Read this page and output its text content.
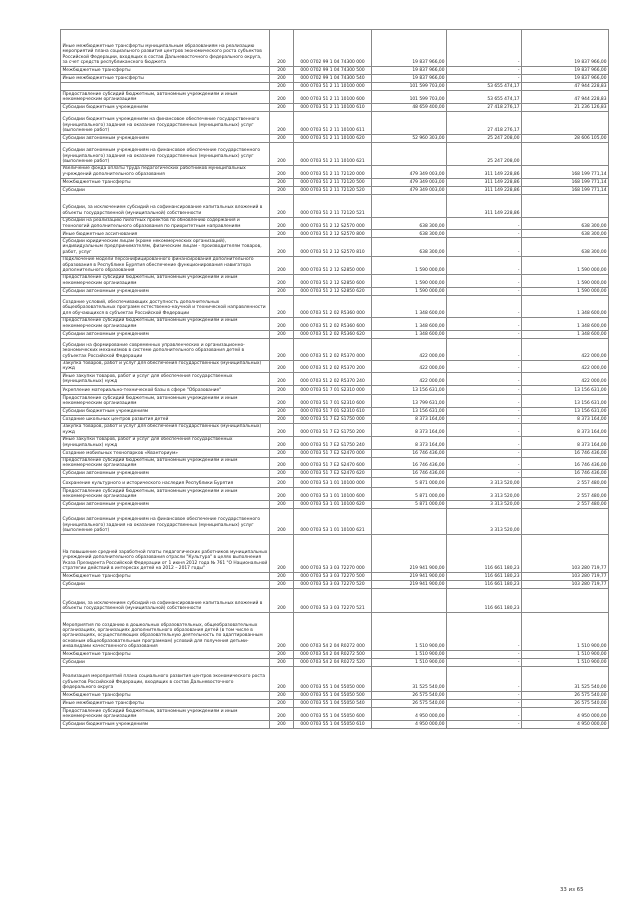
Иные межбюджетные трансферты муниципальным образованиям на реализацию мероприятий плана социального развития центров экономического роста субъектов Российской Федерации, входящих в состав Дальневосточного федерального округа, за счет средств республиканского бюджета	200	000 0702 99 1 04 74300 000	19 837 966,00	-	19 837 966,00
Межбюджетные трансферты	200	000 0702 99 1 04 74300 500	19 837 966,00	-	19 837 966,00
Иные межбюджетные трансферты	200	000 0702 99 1 04 74300 540	19 837 966,00	-	19 837 966,00
	200	000 0703 51 2 11 10100 000	101 599 703,00	53 655 474,17	47 944 228,83
Предоставление субсидий бюджетным, автономным учреждениям и иным некоммерческим организациям	200	000 0703 51 2 11 10100 600	101 599 703,00	53 655 474,17	47 944 228,83
Субсидии бюджетным учреждениям	200	000 0703 51 2 11 10100 610	48 659 400,00	27 418 276,17	21 236 126,83
Субсидии бюджетным учреждениям на финансовое обеспечение государственного (муниципального) задания на оказание государственных (муниципальных) услуг (выполнение работ)	200	000 0703 51 2 11 10100 611		27 418 276,17	
Субсидии автономным учреждениям	200	000 0703 51 2 11 10100 620	52 960 303,00	25 247 208,00	28 606 105,00
Субсидии автономным учреждениям на финансовое обеспечение государственного (муниципального) задания на оказание государственных (муниципальных) услуг (выполнение работ)	200	000 0703 51 2 11 10100 621		25 247 208,00	
Увеличение фонда оплаты труда педагогических работников муниципальных учреждений дополнительного образования	200	000 0703 51 2 11 72120 000	479 349 003,00	311 149 228,86	168 199 771,14
Межбюджетные трансферты	200	000 0703 51 2 11 72120 500	479 349 003,00	311 149 228,86	168 199 771,14
Субсидии	200	000 0703 51 2 11 72120 520	479 349 003,00	311 149 228,86	168 199 771,14
Субсидии, за исключением субсидий на софинансирование капитальных вложений в объекты государственной (муниципальной) собственности	200	000 0703 51 2 11 72120 521		311 149 228,86	
Субсидии на реализацию пилотных проектов по обновлению содержания и технологий дополнительного образования по приоритетным направлениям	200	000 0703 51 2 12 S2570 000	638 300,00	-	638 300,00
Иные бюджетные ассигнования	200	000 0703 51 2 12 S2570 800	638 300,00	-	638 300,00
Субсидии юридическим лицам (кроме некоммерческих организаций), индивидуальным предпринимателям, физическим лицам - производителям товаров, работ, услуг	200	000 0703 51 2 12 S2570 810	638 300,00	-	638 300,00
Подключение модели персонифицированного финансирования дополнительного образования в Республике Бурятия обеспечение функционирования навигатора дополнительного образования	200	000 0703 51 2 12 S2850 000	1 590 000,00	-	1 590 000,00
Предоставление субсидий бюджетным, автономным учреждениям и иным некоммерческим организациям	200	000 0703 51 2 12 S2850 600	1 590 000,00	-	1 590 000,00
Субсидии автономным учреждениям	200	000 0703 51 2 12 S2850 620	1 590 000,00	-	1 590 000,00
Создание условий, обеспечивающих доступность дополнительных общеобразовательных программ естественно-научной и технической направленности для обучающихся в субъектах Российской Федерации	200	000 0703 51 2 02 R5360 000	1 348 600,00	-	1 348 600,00
Предоставление субсидий бюджетным, автономным учреждениям и иным некоммерческим организациям	200	000 0703 51 2 02 R5360 600	1 348 600,00	-	1 348 600,00
Субсидии автономным учреждениям	200	000 0703 51 2 02 R5360 620	1 348 600,00	-	1 348 600,00
Субсидии на формирование современных управленческих и организационно-экономических механизмов в системе дополнительного образования детей в субъектах Российской Федерации	200	000 0703 51 2 02 R5370 000	422 000,00	-	422 000,00
Закупка товаров, работ и услуг для обеспечения государственных (муниципальных) нужд	200	000 0703 51 2 02 R5370 200	422 000,00	-	422 000,00
Иные закупки товаров, работ и услуг для обеспечения государственных (муниципальных) нужд	200	000 0703 51 2 02 R5370 240	422 000,00	-	422 000,00
Укрепление материально-технической базы в сфере "Образование"	200	000 0703 51 7 01 S2310 000	13 156 631,00	-	13 156 631,00
Предоставление субсидий бюджетным, автономным учреждениям и иным некоммерческим организациям	200	000 0703 51 7 01 S2310 600	13 799 631,00	-	13 156 631,00
Субсидии бюджетным учреждениям	200	000 0703 51 7 01 S2310 610	13 156 631,00	-	13 156 631,00
Создание школьных центров развития детей	200	000 0703 51 7 E2 S1750 000	8 373 164,00	-	8 373 164,00
Закупка товаров, работ и услуг для обеспечения государственных (муниципальных) нужд	200	000 0703 51 7 E2 S1750 200	8 373 164,00	-	8 373 164,00
Иные закупки товаров, работ и услуг для обеспечения государственных (муниципальных) нужд	200	000 0703 51 7 E2 S1750 240	8 373 164,00	-	8 373 164,00
Создание мобильных технопарков «Кванториум»	200	000 0703 51 7 E2 S2470 000	16 746 436,00	-	16 746 436,00
Предоставление субсидий бюджетным, автономным учреждениям и иным некоммерческим организациям	200	000 0703 51 7 E2 S2470 600	16 746 436,00	-	16 746 436,00
Субсидии автономным учреждениям	200	000 0703 51 7 E2 S2470 620	16 746 436,00	-	16 746 436,00
Сохранение культурного и исторического наследия Республики Бурятия	200	000 0703 53 1 01 10100 000	5 871 000,00	3 313 520,00	2 557 480,00
Предоставление субсидий бюджетным, автономным учреждениям и иным некоммерческим организациям	200	000 0703 53 1 01 10100 600	5 871 000,00	3 313 520,00	2 557 480,00
Субсидии автономным учреждениям	200	000 0703 53 1 01 10100 620	5 871 000,00	3 313 520,00	2 557 480,00
Субсидии автономным учреждениям на финансовое обеспечение государственного (муниципального) задания на оказание государственных (муниципальных) услуг (выполнение работ)	200	000 0703 53 1 01 10100 621		3 313 520,00	
На повышение средней заработной платы педагогических работников муниципальных учреждений дополнительного образования отрасли "Культура" в целях выполнения Указа Президента Российской Федерации от 1 июня 2012 года № 761 "О Национальной стратегии действий в интересах детей на 2012 – 2017 годы"	200	000 0703 53 3 03 72270 000	219 941 900,00	116 661 180,23	103 280 719,77
Межбюджетные трансферты	200	000 0703 53 3 03 72270 500	219 941 900,00	116 661 180,23	103 280 719,77
Субсидии	200	000 0703 53 3 03 72270 520	219 941 900,00	116 661 180,23	103 280 719,77
Субсидии, за исключением субсидий на софинансирование капитальных вложений в объекты государственной (муниципальной) собственности	200	000 0703 53 3 03 72270 521		116 661 180,23	
Мероприятия по созданию в дошкольных образовательных, общеобразовательных организациях, организациях дополнительного образования детей (в том числе в организациях, осуществляющих образовательную деятельность по адаптированным основным общеобразовательным программам) условий для получения детьми-инвалидами качественного образования	200	000 0703 54 2 04 R0272 000	1 510 900,00	-	1 510 900,00
Межбюджетные трансферты	200	000 0703 54 2 04 R0272 500	1 510 900,00	-	1 510 900,00
Субсидии	200	000 0703 54 2 04 R0272 520	1 510 900,00	-	1 510 900,00
Реализация мероприятий плана социального развития центров экономического роста субъектов Российской Федерации, входящих в состав Дальневосточного федерального округа	200	000 0703 55 1 04 55050 000	31 525 540,00	-	31 525 540,00
Межбюджетные трансферты	200	000 0703 55 1 04 55050 500	26 575 540,00	-	26 575 540,00
Иные межбюджетные трансферты	200	000 0703 55 1 04 55050 540	26 575 540,00	-	26 575 540,00
Предоставление субсидий бюджетным, автономным учреждениям и иным некоммерческим организациям	200	000 0703 55 1 04 55050 600	4 950 000,00	-	4 950 000,00
Субсидии бюджетным учреждениям	200	000 0703 55 1 04 55050 610	4 950 000,00	-	4 950 000,00
33 из 65
